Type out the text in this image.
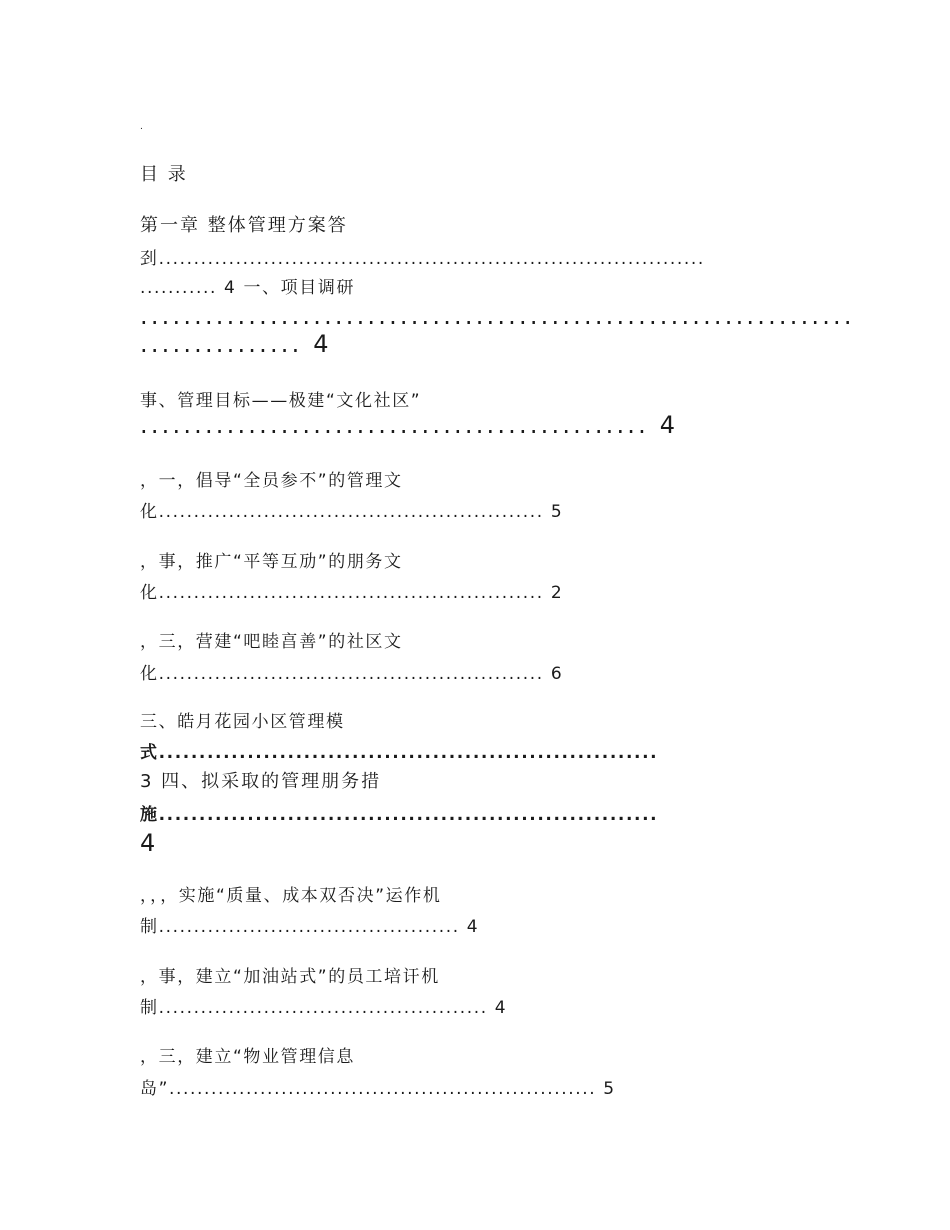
.
目 录
第一章 整体管理方案答
刭..............................................................................
........... 4 一、项目调研
..................................................................
............... 4
事、管理目标——极建“文化社区”
............................................... 4
，一，倡导“全员参不”的管理文
化....................................................... 5
，事，推广“平等互劢”的朋务文
化....................................................... 2
，三，营建“吧睦亯善”的社区文
化....................................................... 6
三、皓月花园小区管理模
式..............................................................
3 四、拟采取的管理朋务措
施..............................................................
4
，，，实施“质量、成本双否决”运作机
制........................................... 4
，事，建立“加油站式”的员工培讦机
制............................................... 4
，三，建立“物业管理信息
岛”............................................................. 5
